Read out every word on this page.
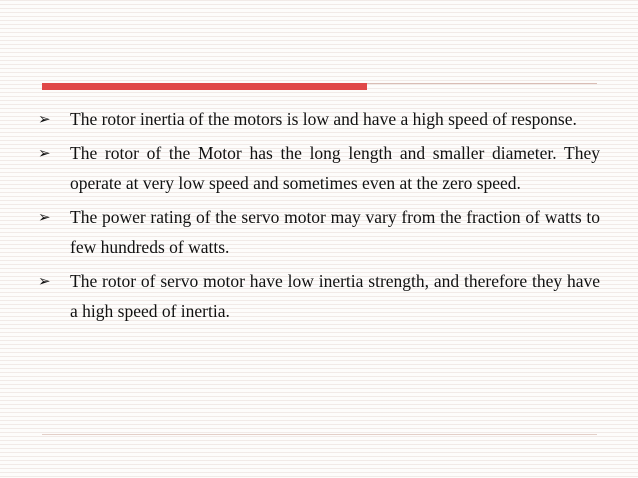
➢ The rotor inertia of the motors is low and have a high speed of response.
➢ The rotor of the Motor has the long length and smaller diameter. They operate at very low speed and sometimes even at the zero speed.
➢ The power rating of the servo motor may vary from the fraction of watts to few hundreds of watts.
➢ The rotor of servo motor have low inertia strength, and therefore they have a high speed of inertia.
